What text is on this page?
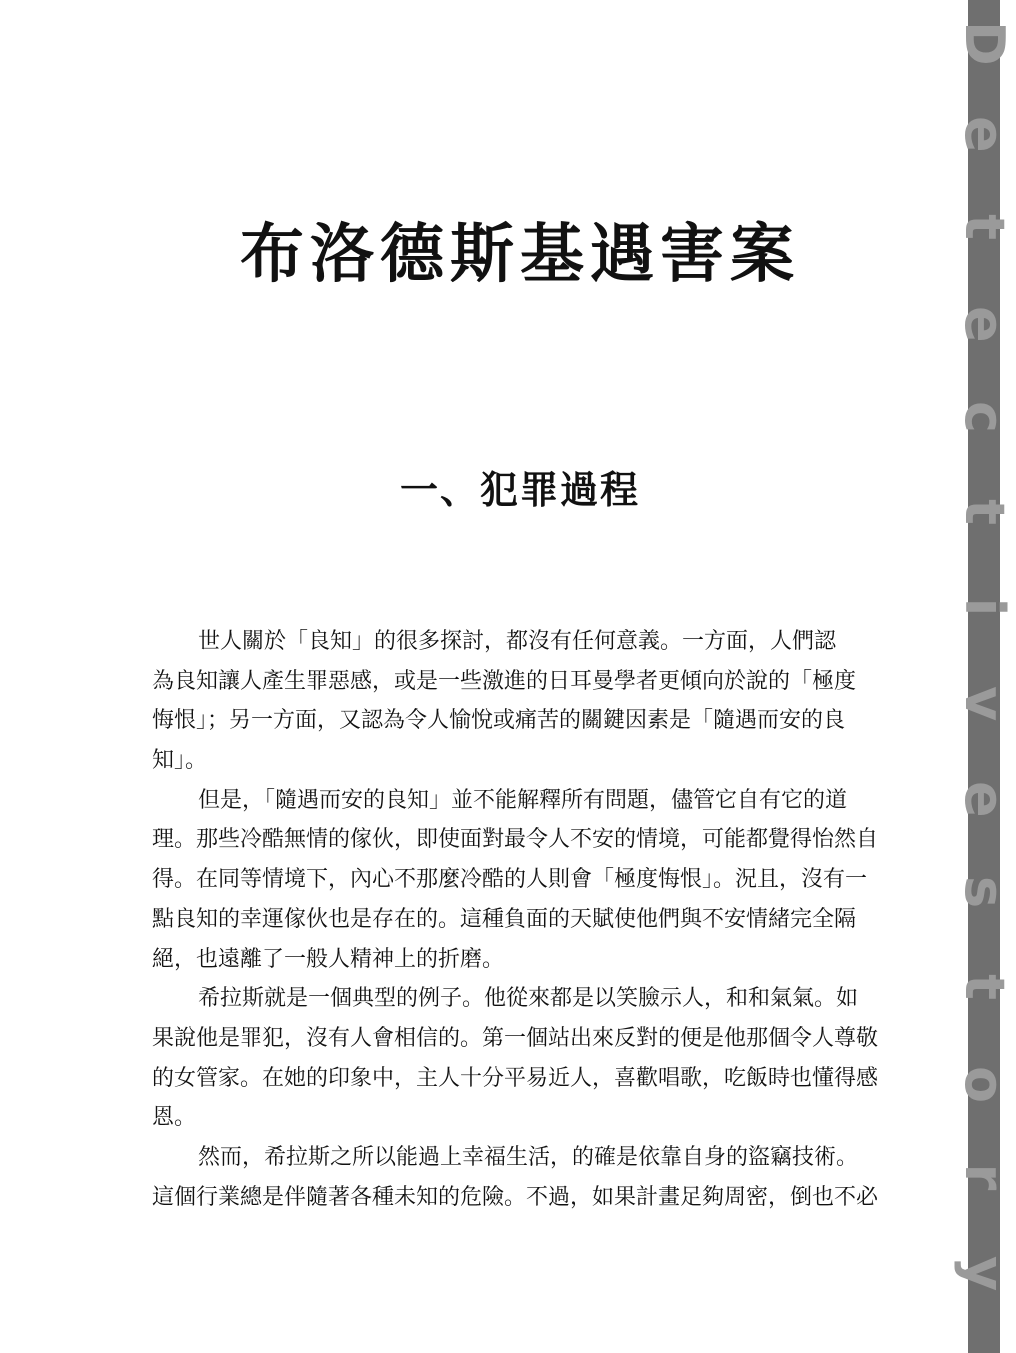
D
e
t
e
c
t
i
v
e
s
t
o
r
y
布洛德斯基遇害案
一、犯罪過程
世人關於「良知」的很多探討，都沒有任何意義。一方面，人們認
為良知讓人產生罪惡感，或是一些激進的日耳曼學者更傾向於說的「極度
悔恨」；另一方面，又認為令人愉悅或痛苦的關鍵因素是「隨遇而安的良
知」。
但是，「隨遇而安的良知」並不能解釋所有問題，儘管它自有它的道
理。那些冷酷無情的傢伙，即使面對最令人不安的情境，可能都覺得怡然自
得。在同等情境下，內心不那麼冷酷的人則會「極度悔恨」。況且，沒有一
點良知的幸運傢伙也是存在的。這種負面的天賦使他們與不安情緒完全隔
絕，也遠離了一般人精神上的折磨。
希拉斯就是一個典型的例子。他從來都是以笑臉示人，和和氣氣。如
果說他是罪犯，沒有人會相信的。第一個站出來反對的便是他那個令人尊敬
的女管家。在她的印象中，主人十分平易近人，喜歡唱歌，吃飯時也懂得感
恩。
然而，希拉斯之所以能過上幸福生活，的確是依靠自身的盜竊技術。
這個行業總是伴隨著各種未知的危險。不過，如果計畫足夠周密，倒也不必
